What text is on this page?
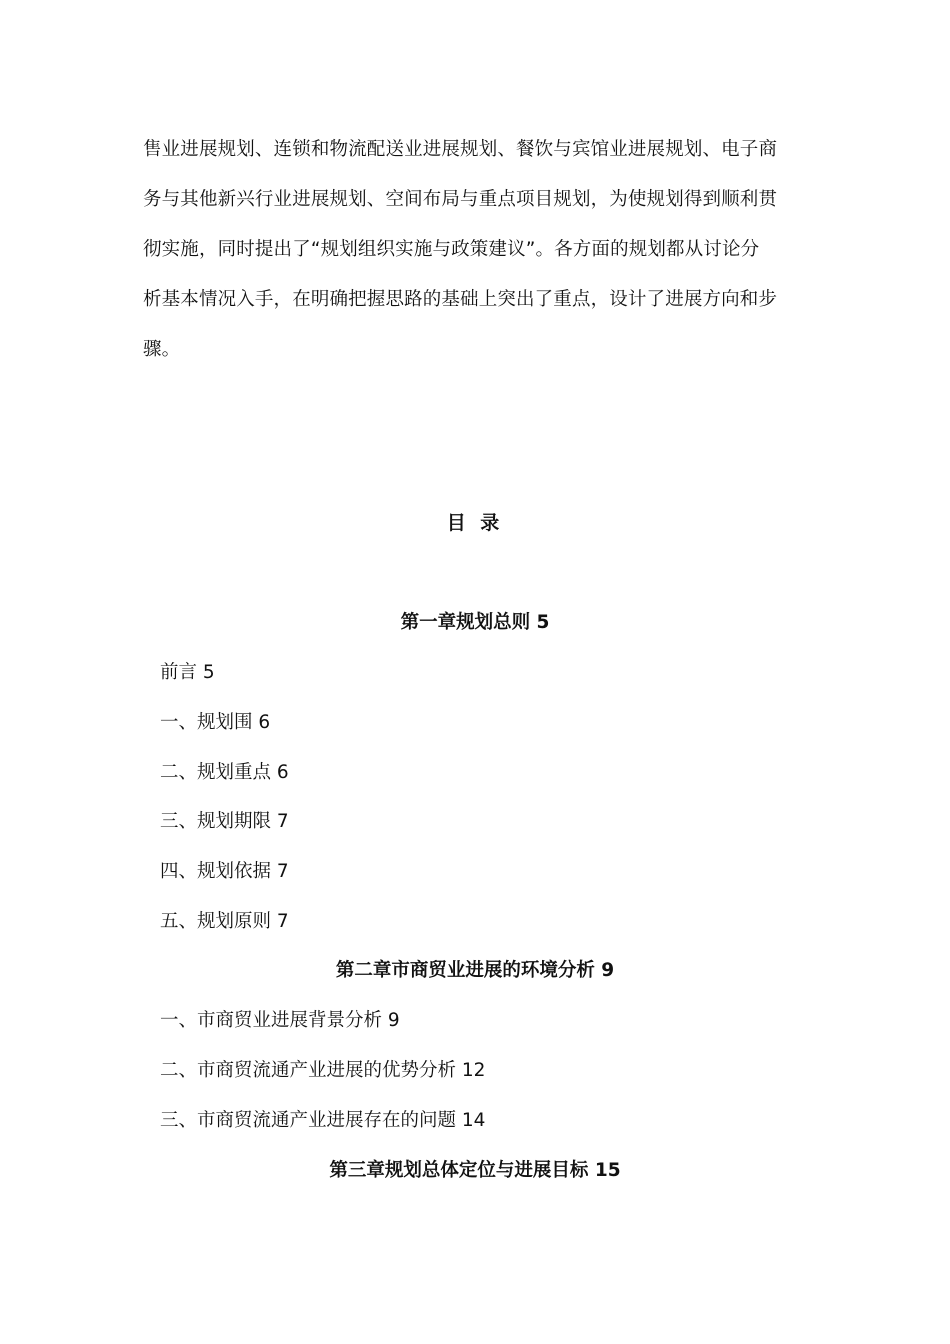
售业进展规划、连锁和物流配送业进展规划、餐饮与宾馆业进展规划、电子商
务与其他新兴行业进展规划、空间布局与重点项目规划，为使规划得到顺利贯
彻实施，同时提出了“规划组织实施与政策建议”。各方面的规划都从讨论分
析基本情况入手，在明确把握思路的基础上突出了重点，设计了进展方向和步
骤。
目 录
第一章规划总则 5
前言 5
一、规划围 6
二、规划重点 6
三、规划期限 7
四、规划依据 7
五、规划原则 7
第二章市商贸业进展的环境分析 9
一、市商贸业进展背景分析 9
二、市商贸流通产业进展的优势分析 12
三、市商贸流通产业进展存在的问题 14
第三章规划总体定位与进展目标 15
